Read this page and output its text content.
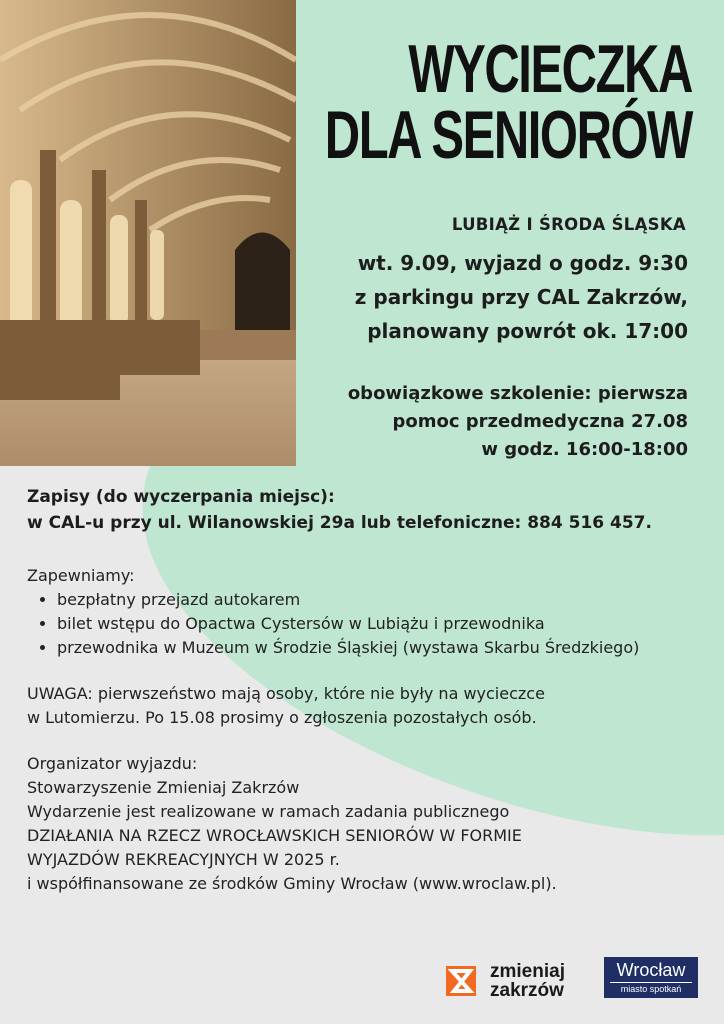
WYCIECZKA
DLA SENIORÓW
LUBIĄŻ I ŚRODA ŚLĄSKA
wt. 9.09, wyjazd o godz. 9:30
z parkingu przy CAL Zakrzów,
planowany powrót ok. 17:00
obowiązkowe szkolenie: pierwsza
pomoc przedmedyczna 27.08
w godz. 16:00-18:00
Zapisy (do wyczerpania miejsc):
w CAL-u przy ul. Wilanowskiej 29a lub telefoniczne: 884 516 457.
Zapewniamy:
• bezpłatny przejazd autokarem
• bilet wstępu do Opactwa Cystersów w Lubiążu i przewodnika
• przewodnika w Muzeum w Środzie Śląskiej (wystawa Skarbu Średzkiego)
UWAGA: pierwszeństwo mają osoby, które nie były na wycieczce
w Lutomierzu. Po 15.08 prosimy o zgłoszenia pozostałych osób.
Organizator wyjazdu:
Stowarzyszenie Zmieniaj Zakrzów
Wydarzenie jest realizowane w ramach zadania publicznego
DZIAŁANIA NA RZECZ WROCŁAWSKICH SENIORÓW W FORMIE
WYJAZDÓW REKREACYJNYCH W 2025 r.
i współfinansowane ze środków Gminy Wrocław (www.wroclaw.pl).
zmieniaj
zakrzów
Wrocław
miasto spotkań
